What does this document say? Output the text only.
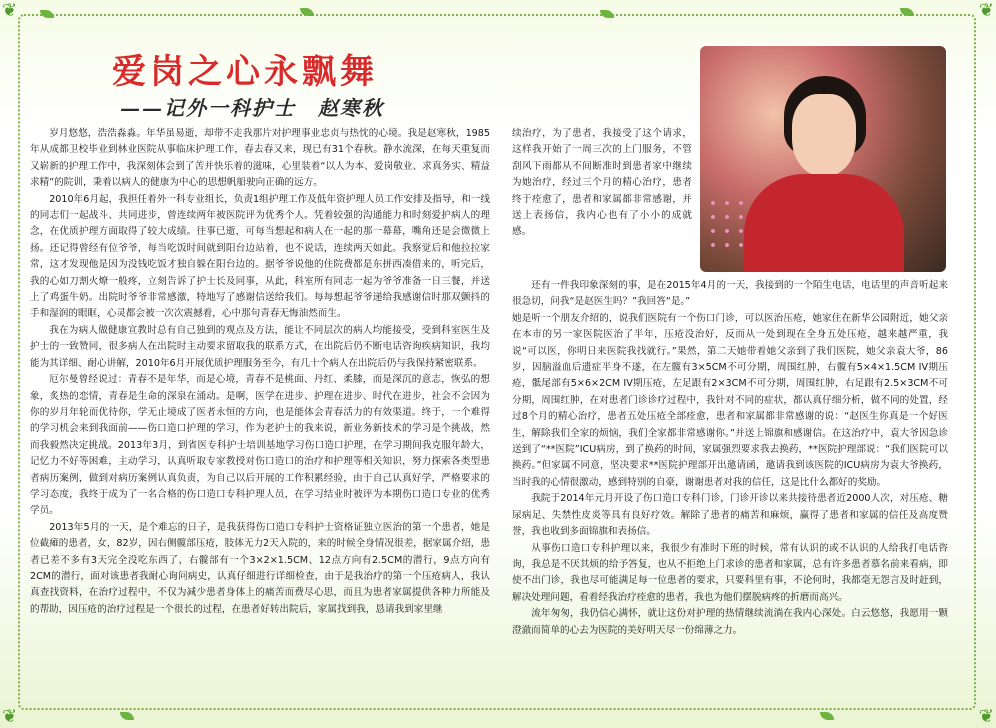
❦	❦
❦	❦
爱岗之心永飘舞
——记外一科护士　赵寒秋

岁月悠悠，浩浩淼淼。年华虽易逝，却带不走我那片对护理事业忠贞与热忱的心境。我是赵寒秋，1985年从成都卫校毕业到林业医院从事临床护理工作，春去春又来，现已有31个春秋。静水流深，在每天重复而又崭新的护理工作中，我深刻体会到了苦并快乐着的滋味，心里装着“以人为本、爱岗敬业、求真务实、精益求精”的院训，秉着以病人的健康为中心的思想帆船驶向正确的远方。

2010年6月起，我担任着外一科专业组长，负责1组护理工作及低年资护理人员工作安排及指导，和一线的同志们一起战斗、共同进步，曾连续两年被医院评为优秀个人。凭着较强的沟通能力和时刻爱护病人的理念，在优质护理方面取得了较大成绩。往事已逝，可每当想起和病人在一起的那一幕幕，嘴角还是会微微上扬。还记得曾经有位爷爷，每当吃饭时间就到阳台边站着，也不说话，连续两天如此。我察觉后和他拉拉家常，这才发现他是因为没钱吃饭才独自躲在阳台边的。据爷爷说他的住院费都是东拼西凑借来的，听完后，我的心如刀割火燎一般疼，立刻告诉了护士长及同事，从此，科室所有同志一起为爷爷准备一日三餐，并送上了鸡蛋牛奶。出院时爷爷非常感激，特地写了感谢信送给我们。每每想起爷爷递给我感谢信时那双颤抖的手和湿润的眼眶，心灵都会被一次次震撼着，心中那句青春无悔油然而生。

我在为病人做健康宣教时总有自己独到的观点及方法，能让不同层次的病人均能接受，受到科室医生及护士的一致赞同，很多病人在出院时主动要求留取我的联系方式，在出院后仍不断电话咨询疾病知识，我均能为其详细、耐心讲解，2010年6月开展优质护理服务至今，有几十个病人在出院后仍与我保持紧密联系。

厄尔曼曾经说过：青春不是年华，而是心境，青春不是桃面、丹红、柔膝，而是深沉的意志，恢弘的想象，炙热的恋情，青春是生命的深泉在涌动。是啊，医学在进步、护理在进步、时代在进步，社会不会因为你的岁月年轮而优待你，学无止境成了医者永恒的方向，也是能体会青春活力的有效渠道。终于，一个难得的学习机会来到我面前——伤口造口护理的学习，作为老护士的我来说，新业务新技术的学习是个挑战，然而我毅然决定挑战。2013年3月，到省医专科护士培训基地学习伤口造口护理，在学习期间我克服年龄大，记忆力不好等困难，主动学习，认真听取专家教授对伤口造口的治疗和护理等相关知识，努力探索各类型患者病历案例，做到对病历案例认真负责，为自己以后开展的工作积累经验，由于自己认真好学，严格要求的学习态度，我终于成为了一名合格的伤口造口专科护理人员，在学习结业时被评为本期伤口造口专业的优秀学员。

2013年5月的一天，是个难忘的日子，是我获得伤口造口专科护士资格证独立医治的第一个患者，她是位截瘫的患者，女，82岁，因右侧髋部压疮，肢体无力2天入院的，来的时候全身情况很差，据家属介绍，患者已差不多有3天完全没吃东西了，右髋部有一个3×2×1.5CM、12点方向有2.5CM的潜行，9点方向有2CM的潜行，面对该患者我耐心询问病史，认真仔细进行详细检查，由于是我治疗的第一个压疮病人，我认真查找资料，在治疗过程中，不仅为减少患者身体上的痛苦而费尽心思，而且为患者家属提供各种力所能及的帮助，因压疮的治疗过程是一个很长的过程，在患者好转出院后，家属找到我，恳请我到家里继

续治疗，为了患者，我接受了这个请求，这样我开始了一周三次的上门服务，不管刮风下雨都从不间断准时到患者家中继续为她治疗，经过三个月的精心治疗，患者终于痊愈了，患者和家属都非常感谢，并送上表扬信，我内心也有了小小的成就感。

还有一件我印象深刻的事，是在2015年4月的一天，我接到的一个陌生电话，电话里的声音听起来很急切，问我“是赵医生吗？”我回答“是。”

她是听一个朋友介绍的，说我们医院有一个伤口门诊，可以医治压疮，她家住在新华公园附近，她父亲在本市的另一家医院医治了半年，压疮没治好，反而从一处到现在全身五处压疮，越来越严重，我说“可以医，你明日来医院我找就行。”果然，第二天她带着她父亲到了我们医院，她父亲袁大爷，86岁，因脑溢血后遗症半身不遂，在左髋有3×5CM不可分期，周围红肿，右髋有5×4×1.5CM IV期压疮，骶尾部有5×6×2CM IV期压疮，左足跟有2×3CM不可分期，周围红肿，右足跟有2.5×3CM不可分期，周围红肿，在对患者门诊诊疗过程中，我针对不同的症状，都认真仔细分析，做不同的处置，经过8个月的精心治疗，患者五处压疮全部痊愈，患者和家属都非常感谢的说：“赵医生你真是一个好医生，解除我们全家的烦恼，我们全家都非常感谢你。”并送上锦旗和感谢信。在这治疗中，袁大爷因急诊送到了“**医院”ICU病房，到了换药的时间，家属强烈要求我去换药，**医院护理部说：“我们医院可以换药。”但家属不同意，坚决要求**医院护理部开出邀请函，邀请我到该医院的ICU病房为袁大爷换药，当时我的心情很激动，感到特别的自豪，谢谢患者对我的信任，这是比什么都好的奖励。

我院于2014年元月开设了伤口造口专科门诊，门诊开诊以来共接待患者近2000人次，对压疮、糖尿病足、失禁性皮炎等具有良好疗效。解除了患者的痛苦和麻烦，赢得了患者和家属的信任及高度赞誉，我也收到多面锦旗和表扬信。

从事伤口造口专科护理以来，我很少有准时下班的时候，常有认识的或不认识的人给我打电话咨询，我总是不厌其烦的给予答复，也从不拒绝上门求诊的患者和家属，总有许多患者慕名前来看病，即使不出门诊，我也尽可能满足每一位患者的要求，只要科里有事，不论何时，我都毫无怨言及时赶到，解决处理问题，看着经我治疗痊愈的患者，我也为他们摆脱病疼的折磨而高兴。

流年匆匆，我仍信心满怀，就让这份对护理的热情继续流淌在我内心深处。白云悠悠，我愿用一颗澄澈而简单的心去为医院的美好明天尽一份绵薄之力。
